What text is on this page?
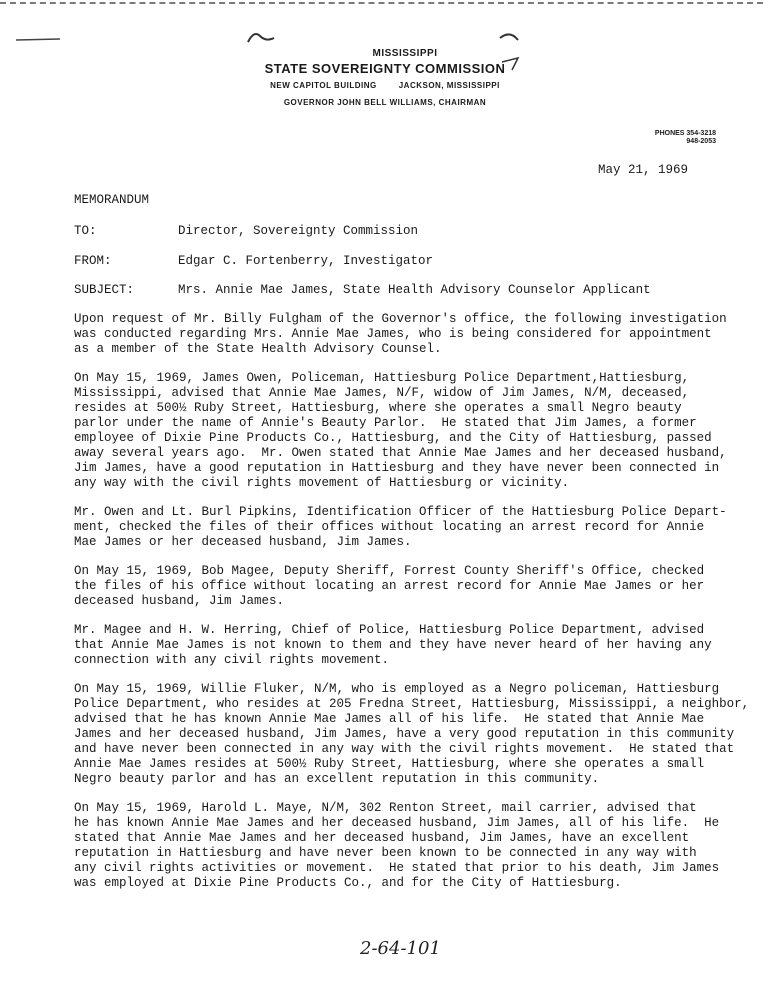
MISSISSIPPI
STATE SOVEREIGNTY COMMISSION
NEW CAPITOL BUILDING	JACKSON, MISSISSIPPI
GOVERNOR JOHN BELL WILLIAMS, CHAIRMAN
PHONES 354-3218
948-2053
May 21, 1969
MEMORANDUM
TO:	Director, Sovereignty Commission
FROM:	Edgar C. Fortenberry, Investigator
SUBJECT:	Mrs. Annie Mae James, State Health Advisory Counselor Applicant

Upon request of Mr. Billy Fulgham of the Governor's office, the following investigation
was conducted regarding Mrs. Annie Mae James, who is being considered for appointment
as a member of the State Health Advisory Counsel.

On May 15, 1969, James Owen, Policeman, Hattiesburg Police Department,Hattiesburg,
Mississippi, advised that Annie Mae James, N/F, widow of Jim James, N/M, deceased,
resides at 500½ Ruby Street, Hattiesburg, where she operates a small Negro beauty
parlor under the name of Annie's Beauty Parlor.  He stated that Jim James, a former
employee of Dixie Pine Products Co., Hattiesburg, and the City of Hattiesburg, passed
away several years ago.  Mr. Owen stated that Annie Mae James and her deceased husband,
Jim James, have a good reputation in Hattiesburg and they have never been connected in
any way with the civil rights movement of Hattiesburg or vicinity.

Mr. Owen and Lt. Burl Pipkins, Identification Officer of the Hattiesburg Police Depart-
ment, checked the files of their offices without locating an arrest record for Annie
Mae James or her deceased husband, Jim James.

On May 15, 1969, Bob Magee, Deputy Sheriff, Forrest County Sheriff's Office, checked
the files of his office without locating an arrest record for Annie Mae James or her
deceased husband, Jim James.

Mr. Magee and H. W. Herring, Chief of Police, Hattiesburg Police Department, advised
that Annie Mae James is not known to them and they have never heard of her having any
connection with any civil rights movement.

On May 15, 1969, Willie Fluker, N/M, who is employed as a Negro policeman, Hattiesburg
Police Department, who resides at 205 Fredna Street, Hattiesburg, Mississippi, a neighbor,
advised that he has known Annie Mae James all of his life.  He stated that Annie Mae
James and her deceased husband, Jim James, have a very good reputation in this community
and have never been connected in any way with the civil rights movement.  He stated that
Annie Mae James resides at 500½ Ruby Street, Hattiesburg, where she operates a small
Negro beauty parlor and has an excellent reputation in this community.

On May 15, 1969, Harold L. Maye, N/M, 302 Renton Street, mail carrier, advised that
he has known Annie Mae James and her deceased husband, Jim James, all of his life.  He
stated that Annie Mae James and her deceased husband, Jim James, have an excellent
reputation in Hattiesburg and have never been known to be connected in any way with
any civil rights activities or movement.  He stated that prior to his death, Jim James
was employed at Dixie Pine Products Co., and for the City of Hattiesburg.

2-64-101
